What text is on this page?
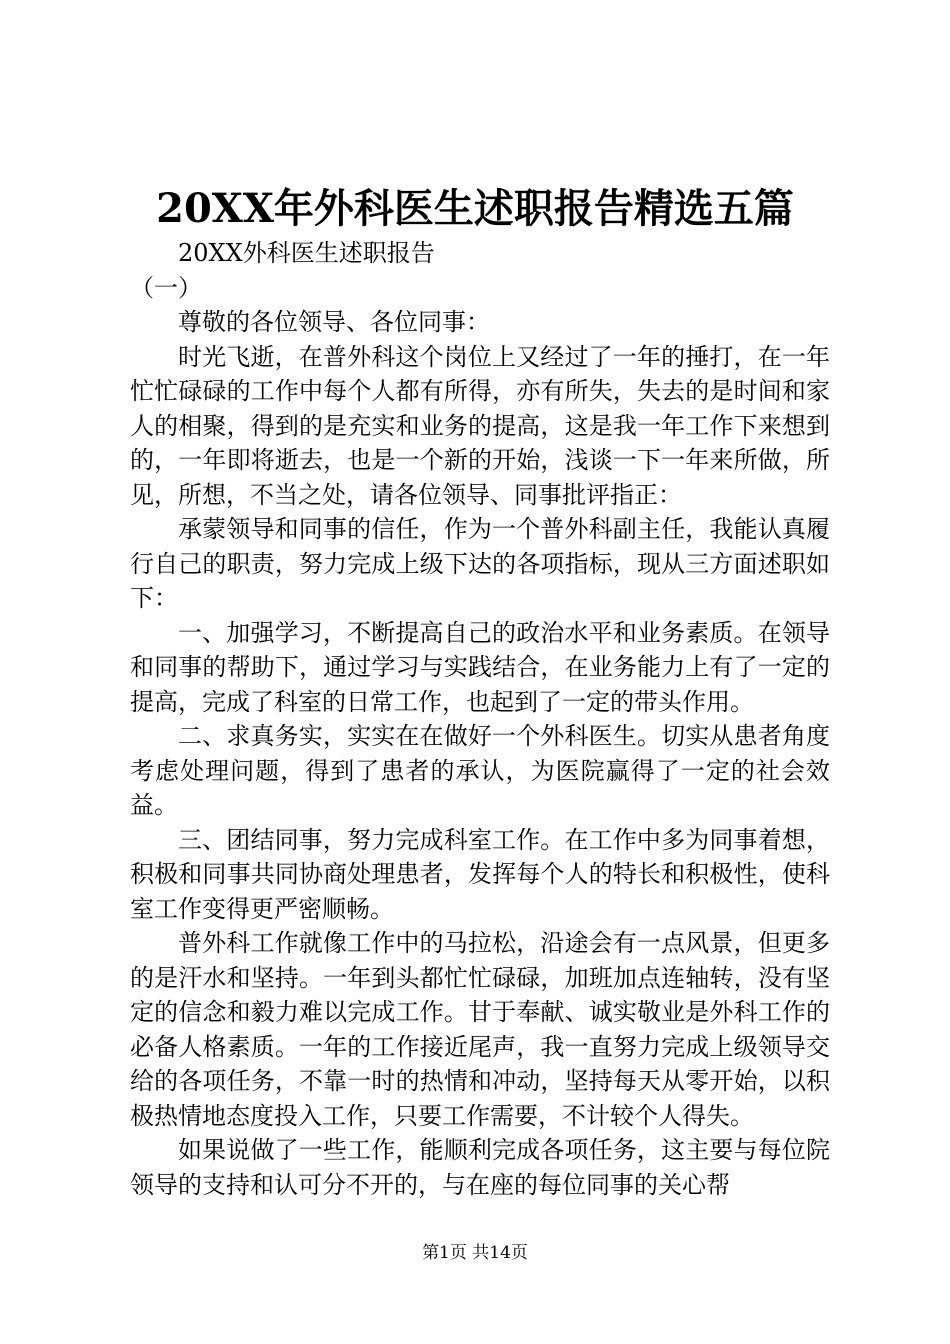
20XX年外科医生述职报告精选五篇

20XX外科医生述职报告

（一）

尊敬的各位领导、各位同事：

时光飞逝，在普外科这个岗位上又经过了一年的捶打，在一年忙忙碌碌的工作中每个人都有所得，亦有所失，失去的是时间和家人的相聚，得到的是充实和业务的提高，这是我一年工作下来想到的，一年即将逝去，也是一个新的开始，浅谈一下一年来所做，所见，所想，不当之处，请各位领导、同事批评指正：

承蒙领导和同事的信任，作为一个普外科副主任，我能认真履行自己的职责，努力完成上级下达的各项指标，现从三方面述职如下：

一、加强学习，不断提高自己的政治水平和业务素质。在领导和同事的帮助下，通过学习与实践结合，在业务能力上有了一定的提高，完成了科室的日常工作，也起到了一定的带头作用。

二、求真务实，实实在在做好一个外科医生。切实从患者角度考虑处理问题，得到了患者的承认，为医院赢得了一定的社会效益。

三、团结同事，努力完成科室工作。在工作中多为同事着想，积极和同事共同协商处理患者，发挥每个人的特长和积极性，使科室工作变得更严密顺畅。

普外科工作就像工作中的马拉松，沿途会有一点风景，但更多的是汗水和坚持。一年到头都忙忙碌碌，加班加点连轴转，没有坚定的信念和毅力难以完成工作。甘于奉献、诚实敬业是外科工作的必备人格素质。一年的工作接近尾声，我一直努力完成上级领导交给的各项任务，不靠一时的热情和冲动，坚持每天从零开始，以积极热情地态度投入工作，只要工作需要，不计较个人得失。

如果说做了一些工作，能顺利完成各项任务，这主要与每位院领导的支持和认可分不开的，与在座的每位同事的关心帮

第1页 共14页
